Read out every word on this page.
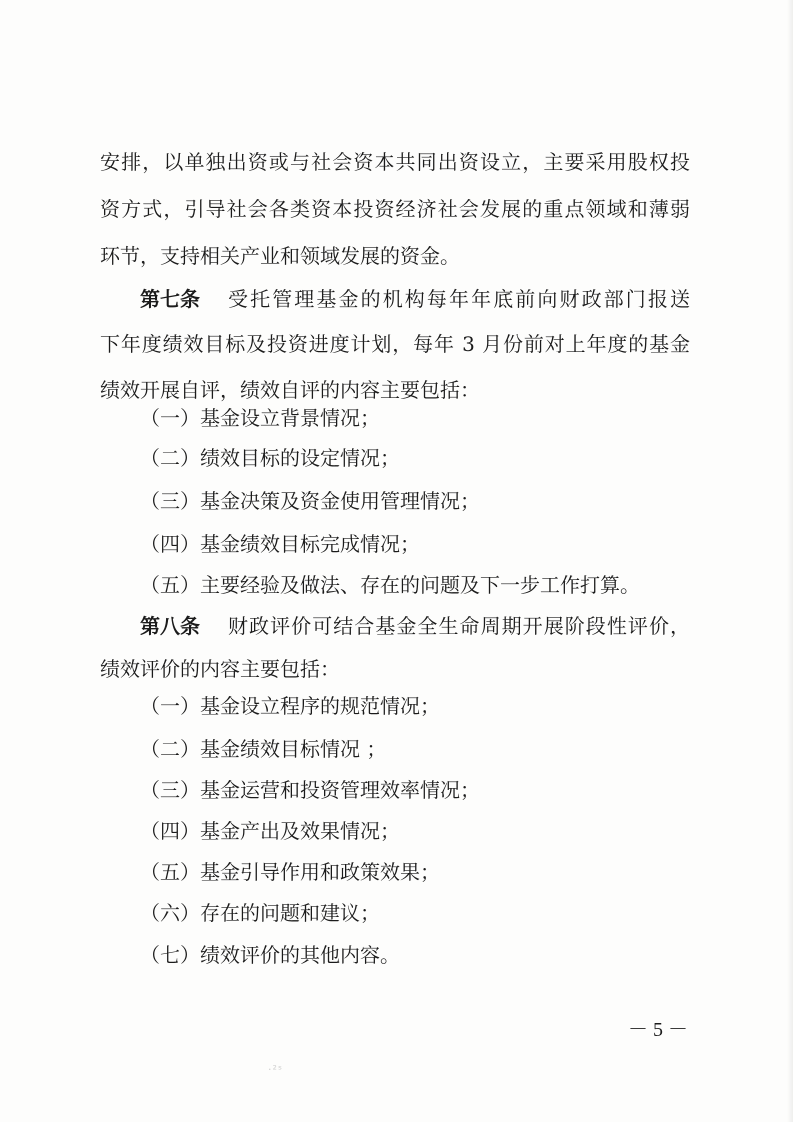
安排，以单独出资或与社会资本共同出资设立，主要采用股权投

资方式，引导社会各类资本投资经济社会发展的重点领域和薄弱

环节，支持相关产业和领域发展的资金。

第七条 受托管理基金的机构每年年底前向财政部门报送

下年度绩效目标及投资进度计划，每年 3 月份前对上年度的基金

绩效开展自评，绩效自评的内容主要包括：

（一）基金设立背景情况；

（二）绩效目标的设定情况；

（三）基金决策及资金使用管理情况；

（四）基金绩效目标完成情况；

（五）主要经验及做法、存在的问题及下一步工作打算。

第八条 财政评价可结合基金全生命周期开展阶段性评价，

绩效评价的内容主要包括：

（一）基金设立程序的规范情况；

（二）基金绩效目标情况 ；

（三）基金运营和投资管理效率情况；

（四）基金产出及效果情况；

（五）基金引导作用和政策效果；

（六）存在的问题和建议；

（七）绩效评价的其他内容。

－ 5 －
·²ˢ
